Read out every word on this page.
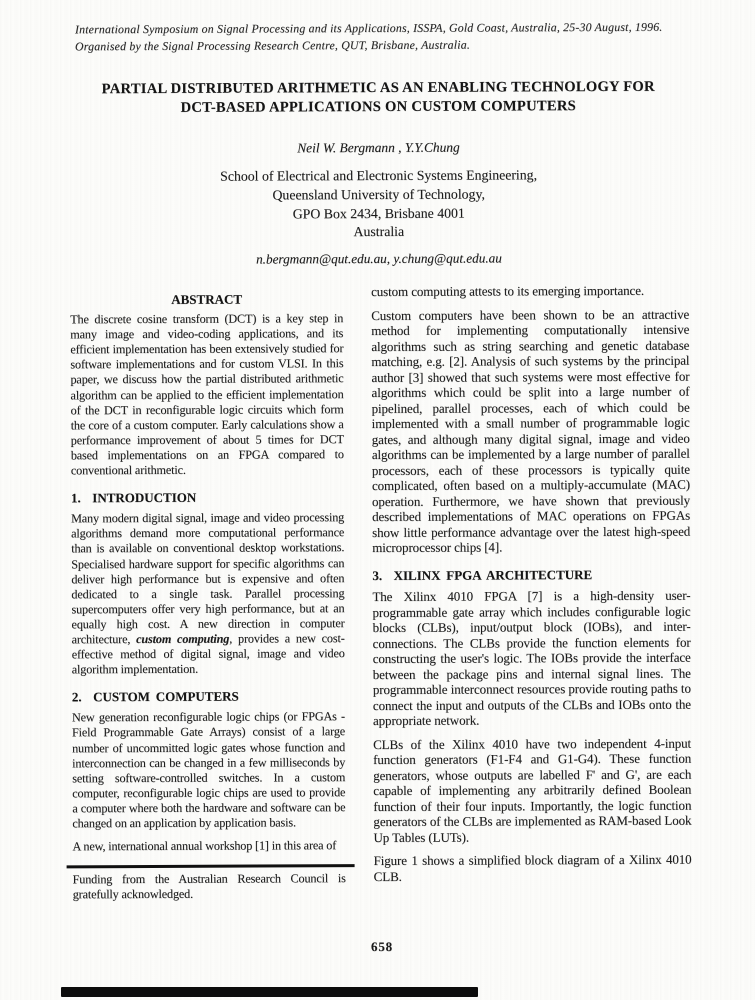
International Symposium on Signal Processing and its Applications, ISSPA, Gold Coast, Australia, 25-30 August, 1996.
Organised by the Signal Processing Research Centre, QUT, Brisbane, Australia.
PARTIAL DISTRIBUTED ARITHMETIC AS AN ENABLING TECHNOLOGY FOR
DCT-BASED APPLICATIONS ON CUSTOM COMPUTERS
Neil W. Bergmann , Y.Y.Chung
School of Electrical and Electronic Systems Engineering,
Queensland University of Technology,
GPO Box 2434, Brisbane 4001
Australia
n.bergmann@qut.edu.au, y.chung@qut.edu.au
ABSTRACT

The discrete cosine transform (DCT) is a key step in many image and video-coding applications, and its efficient implementation has been extensively studied for software implementations and for custom VLSI. In this paper, we discuss how the partial distributed arithmetic algorithm can be applied to the efficient implementation of the DCT in reconfigurable logic circuits which form the core of a custom computer. Early calculations show a performance improvement of about 5 times for DCT based implementations on an FPGA compared to conventional arithmetic.

1.  INTRODUCTION

Many modern digital signal, image and video processing algorithms demand more computational performance than is available on conventional desktop workstations. Specialised hardware support for specific algorithms can deliver high performance but is expensive and often dedicated to a single task. Parallel processing supercomputers offer very high performance, but at an equally high cost. A new direction in computer architecture, custom computing, provides a new cost-effective method of digital signal, image and video algorithm implementation.

2.  CUSTOM COMPUTERS

New generation reconfigurable logic chips (or FPGAs - Field Programmable Gate Arrays) consist of a large number of uncommitted logic gates whose function and interconnection can be changed in a few milliseconds by setting software-controlled switches. In a custom computer, reconfigurable logic chips are used to provide a computer where both the hardware and software can be changed on an application by application basis.

A new, international annual workshop [1] in this area of

Funding from the Australian Research Council is gratefully acknowledged.

custom computing attests to its emerging importance.

Custom computers have been shown to be an attractive method for implementing computationally intensive algorithms such as string searching and genetic database matching, e.g. [2]. Analysis of such systems by the principal author [3] showed that such systems were most effective for algorithms which could be split into a large number of pipelined, parallel processes, each of which could be implemented with a small number of programmable logic gates, and although many digital signal, image and video algorithms can be implemented by a large number of parallel processors, each of these processors is typically quite complicated, often based on a multiply-accumulate (MAC) operation. Furthermore, we have shown that previously described implementations of MAC operations on FPGAs show little performance advantage over the latest high-speed microprocessor chips [4].

3.  XILINX FPGA ARCHITECTURE

The Xilinx 4010 FPGA [7] is a high-density user-programmable gate array which includes configurable logic blocks (CLBs), input/output block (IOBs), and inter-connections. The CLBs provide the function elements for constructing the user's logic. The IOBs provide the interface between the package pins and internal signal lines. The programmable interconnect resources provide routing paths to connect the input and outputs of the CLBs and IOBs onto the appropriate network.

CLBs of the Xilinx 4010 have two independent 4-input function generators (F1-F4 and G1-G4). These function generators, whose outputs are labelled F' and G', are each capable of implementing any arbitrarily defined Boolean function of their four inputs. Importantly, the logic function generators of the CLBs are implemented as RAM-based Look Up Tables (LUTs).

Figure 1 shows a simplified block diagram of a Xilinx 4010 CLB.

658
